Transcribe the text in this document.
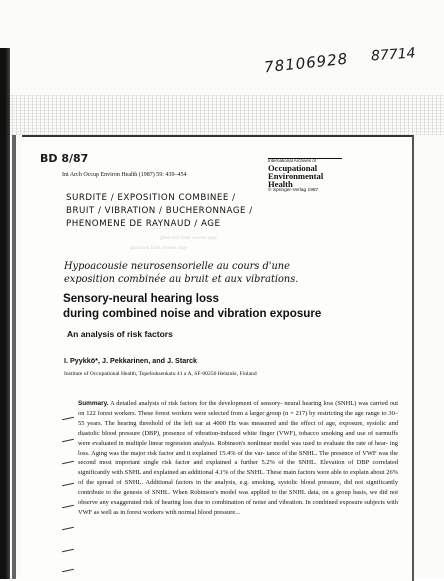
78106928 87714
BD 8/87
Int Arch Occup Environ Health (1987) 59: 439–454
International Archives of
Occupational
Environmental
Health
© Springer-Verlag 1987
SURDITE / EXPOSITION COMBINEE /
BRUIT / VIBRATION / BUCHERONNAGE /
PHENOMENE DE RAYNAUD / AGE
ghost text from reverse page
ghost text from reverse page
Hypoacousie neurosensorielle au cours d'une
exposition combinée au bruit et aux vibrations.
Sensory-neural hearing loss
during combined noise and vibration exposure
An analysis of risk factors
I. Pyykkö*, J. Pekkarinen, and J. Starck
Institute of Occupational Health, Topeliuksenkatu 41 a A, SF-00250 Helsinki, Finland
Summary. A detailed analysis of risk factors for the development of sensory- neural hearing loss (SNHL) was carried out on 122 forest workers. These forest workers were selected from a larger group (n = 217) by restricting the age range to 30–55 years. The hearing threshold of the left ear at 4000 Hz was measured and the effect of age, exposure, systolic and diastolic blood pressure (DBP), presence of vibration-induced white finger (VWF), tobacco smoking and use of earmuffs were evaluated in multiple linear regression analysis. Robinson's nonlinear model was used to evaluate the rate of hear- ing loss. Aging was the major risk factor and it explained 15.4% of the var- iance of the SNHL. The presence of VWF was the second most important single risk factor and explained a further 5.2% of the SNHL. Elevation of DBP correlated significantly with SNHL and explained an additional 4.1% of the SNHL. These main factors were able to explain about 26% of the spread of SNHL. Additional factors in the analysis, e.g. smoking, systolic blood pressure, did not significantly contribute to the genesis of SNHL. When Robinson's model was applied to the SNHL data, on a group basis, we did not observe any exaggerated risk of hearing loss due to combination of noise and vibration. In combined exposure subjects with VWF as well as in forest workers with normal blood pressure...
